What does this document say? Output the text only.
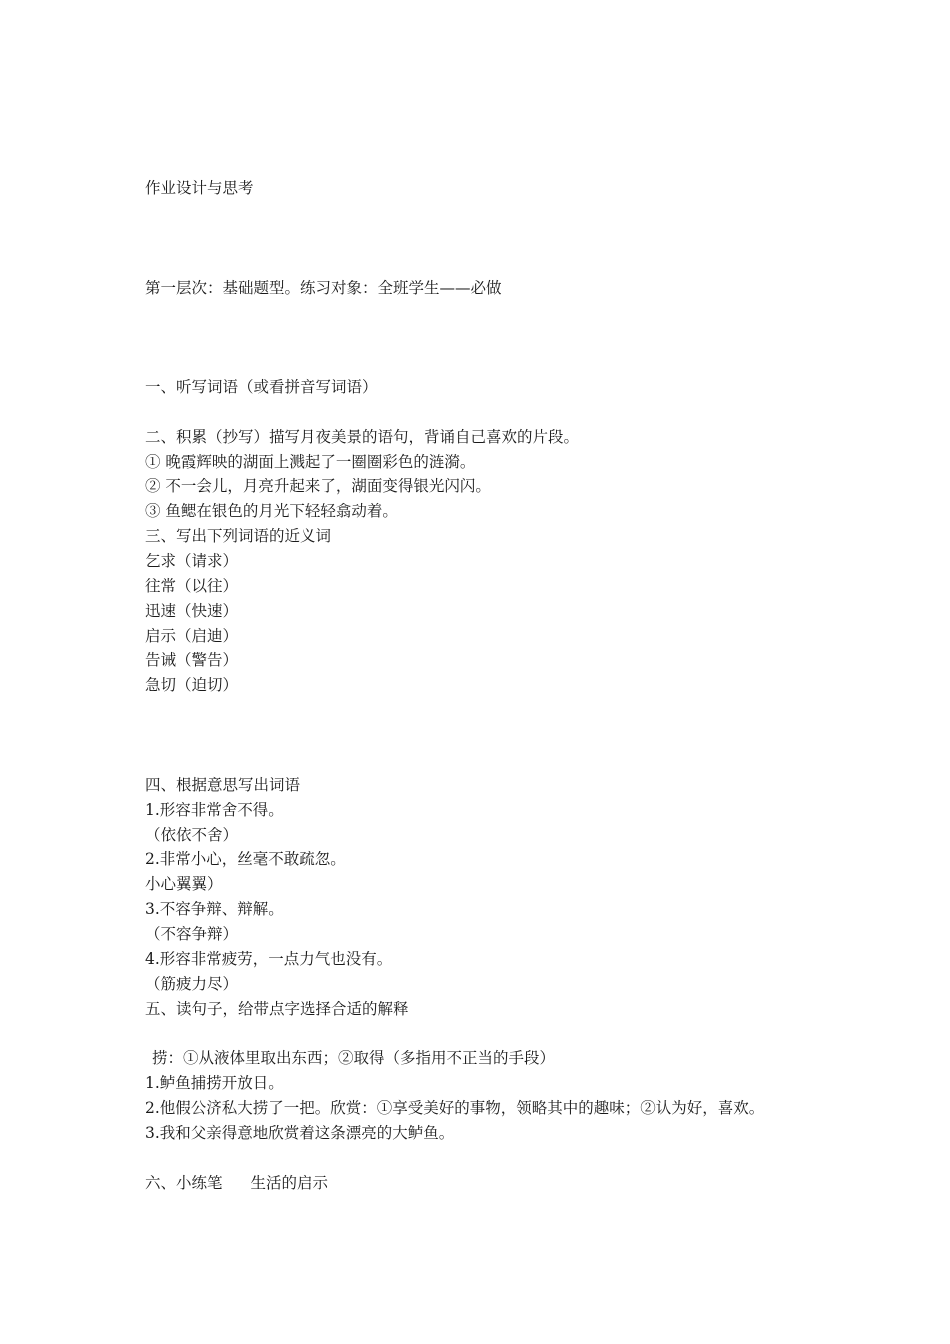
作业设计与思考

第一层次：基础题型。练习对象：全班学生——必做

一、听写词语（或看拼音写词语）

二、积累（抄写）描写月夜美景的语句，背诵自己喜欢的片段。

① 晚霞辉映的湖面上溅起了一圈圈彩色的涟漪。

② 不一会儿，月亮升起来了，湖面变得银光闪闪。

③ 鱼鳃在银色的月光下轻轻翕动着。

三、写出下列词语的近义词

乞求（请求）

往常（以往）

迅速（快速）

启示（启迪）

告诫（警告）

急切（迫切）

四、根据意思写出词语

1.形容非常舍不得。

（依依不舍）

2.非常小心，丝毫不敢疏忽。

小心翼翼）

3.不容争辩、辩解。

（不容争辩）

4.形容非常疲劳，一点力气也没有。

（筋疲力尽）

五、读句子，给带点字选择合适的解释

捞：①从液体里取出东西；②取得（多指用不正当的手段）

1.鲈鱼捕捞开放日。

2.他假公济私大捞了一把。欣赏：①享受美好的事物，领略其中的趣味；②认为好，喜欢。

3.我和父亲得意地欣赏着这条漂亮的大鲈鱼。

六、小练笔 生活的启示
